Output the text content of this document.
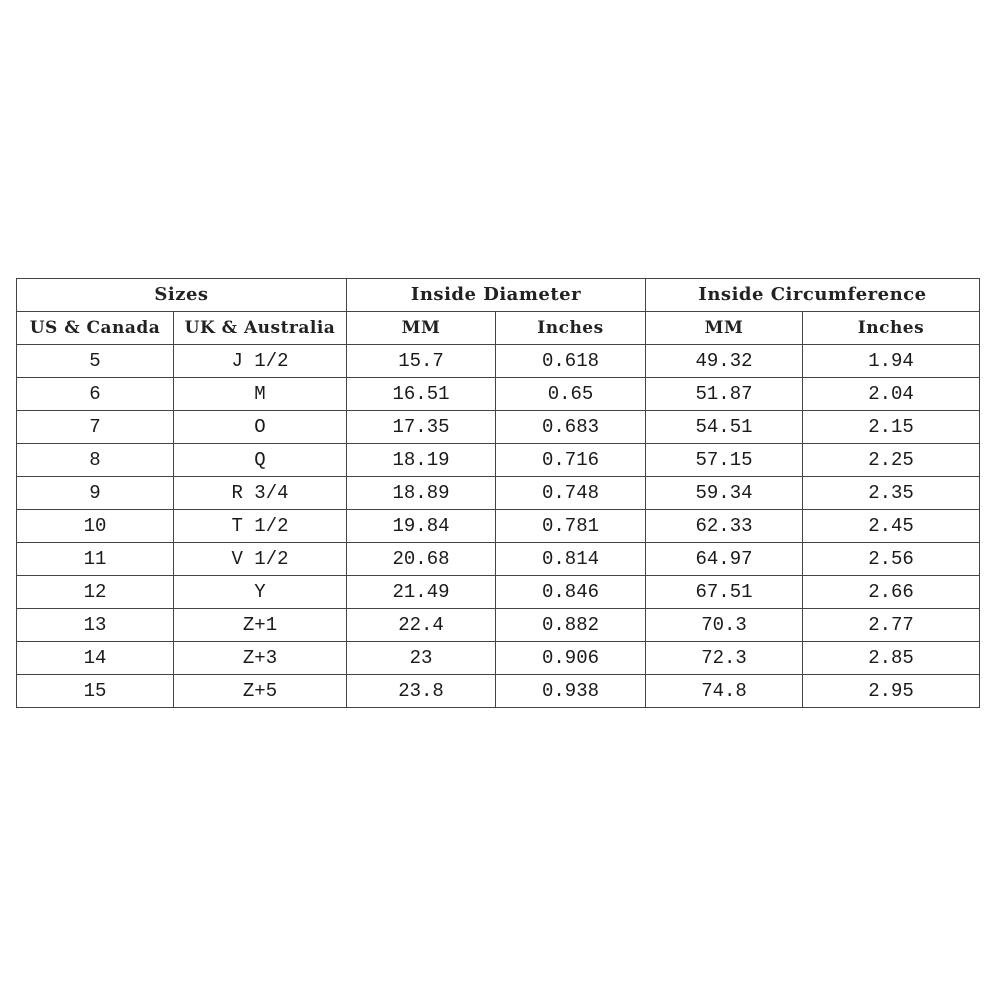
Sizes		Inside Diameter		Inside Circumference	
US & Canada	UK & Australia	MM	Inches	MM	Inches
5	J 1/2	15.7	0.618	49.32	1.94
6	M	16.51	0.65	51.87	2.04
7	O	17.35	0.683	54.51	2.15
8	Q	18.19	0.716	57.15	2.25
9	R 3/4	18.89	0.748	59.34	2.35
10	T 1/2	19.84	0.781	62.33	2.45
11	V 1/2	20.68	0.814	64.97	2.56
12	Y	21.49	0.846	67.51	2.66
13	Z+1	22.4	0.882	70.3	2.77
14	Z+3	23	0.906	72.3	2.85
15	Z+5	23.8	0.938	74.8	2.95
